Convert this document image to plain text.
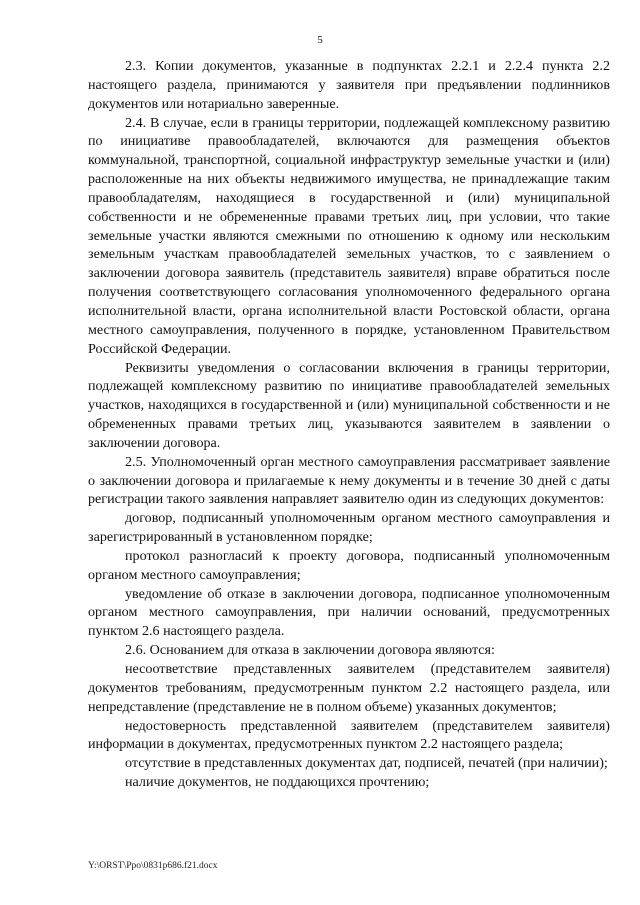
5

2.3. Копии документов, указанные в подпунктах 2.2.1 и 2.2.4 пункта 2.2 настоящего раздела, принимаются у заявителя при предъявлении подлинников документов или нотариально заверенные.

2.4. В случае, если в границы территории, подлежащей комплексному развитию по инициативе правообладателей, включаются для размещения объектов коммунальной, транспортной, социальной инфраструктур земельные участки и (или) расположенные на них объекты недвижимого имущества, не принадлежащие таким правообладателям, находящиеся в государственной и (или) муниципальной собственности и не обремененные правами третьих лиц, при условии, что такие земельные участки являются смежными по отношению к одному или нескольким земельным участкам правообладателей земельных участков, то с заявлением о заключении договора заявитель (представитель заявителя) вправе обратиться после получения соответствующего согласования уполномоченного федерального органа исполнительной власти, органа исполнительной власти Ростовской области, органа местного самоуправления, полученного в порядке, установленном Правительством Российской Федерации.

Реквизиты уведомления о согласовании включения в границы территории, подлежащей комплексному развитию по инициативе правообладателей земельных участков, находящихся в государственной и (или) муниципальной собственности и не обремененных правами третьих лиц, указываются заявителем в заявлении о заключении договора.

2.5. Уполномоченный орган местного самоуправления рассматривает заявление о заключении договора и прилагаемые к нему документы и в течение 30 дней с даты регистрации такого заявления направляет заявителю один из следующих документов:

договор, подписанный уполномоченным органом местного самоуправления и зарегистрированный в установленном порядке;

протокол разногласий к проекту договора, подписанный уполномоченным органом местного самоуправления;

уведомление об отказе в заключении договора, подписанное уполномоченным органом местного самоуправления, при наличии оснований, предусмотренных пунктом 2.6 настоящего раздела.

2.6. Основанием для отказа в заключении договора являются:

несоответствие представленных заявителем (представителем заявителя) документов требованиям, предусмотренным пунктом 2.2 настоящего раздела, или непредставление (представление не в полном объеме) указанных документов;

недостоверность представленной заявителем (представителем заявителя) информации в документах, предусмотренных пунктом 2.2 настоящего раздела;

отсутствие в представленных документах дат, подписей, печатей (при наличии);

наличие документов, не поддающихся прочтению;

Y:\ORST\Ppo\0831p686.f21.docx
